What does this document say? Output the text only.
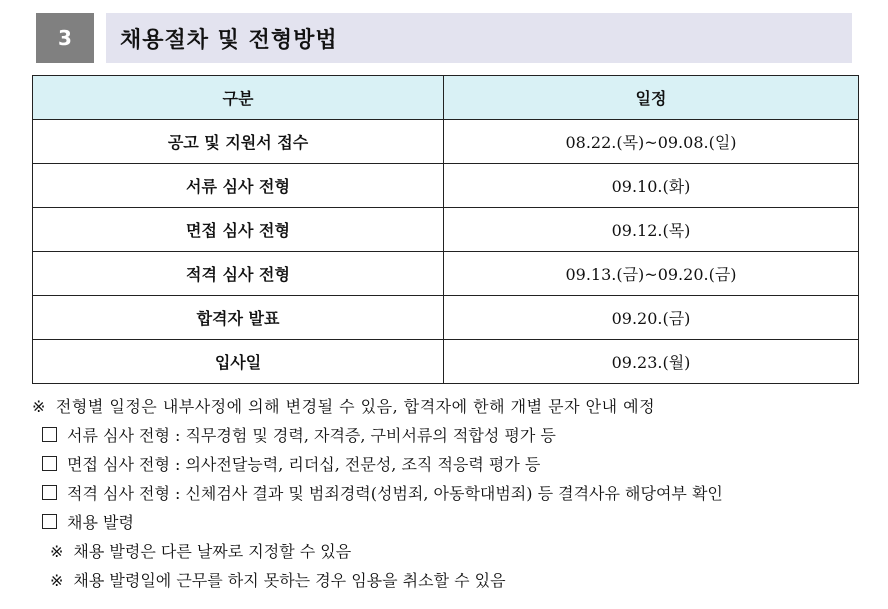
3	채용절차 및 전형방법
구분	일정
공고 및 지원서 접수	08.22.(목)~09.08.(일)
서류 심사 전형	09.10.(화)
면접 심사 전형	09.12.(목)
적격 심사 전형	09.13.(금)~09.20.(금)
합격자 발표	09.20.(금)
입사일	09.23.(월)
※ 전형별 일정은 내부사정에 의해 변경될 수 있음, 합격자에 한해 개별 문자 안내 예정
서류 심사 전형 : 직무경험 및 경력, 자격증, 구비서류의 적합성 평가 등
면접 심사 전형 : 의사전달능력, 리더십, 전문성, 조직 적응력 평가 등
적격 심사 전형 : 신체검사 결과 및 범죄경력(성범죄, 아동학대범죄) 등 결격사유 해당여부 확인
채용 발령
※ 채용 발령은 다른 날짜로 지정할 수 있음
※ 채용 발령일에 근무를 하지 못하는 경우 임용을 취소할 수 있음
